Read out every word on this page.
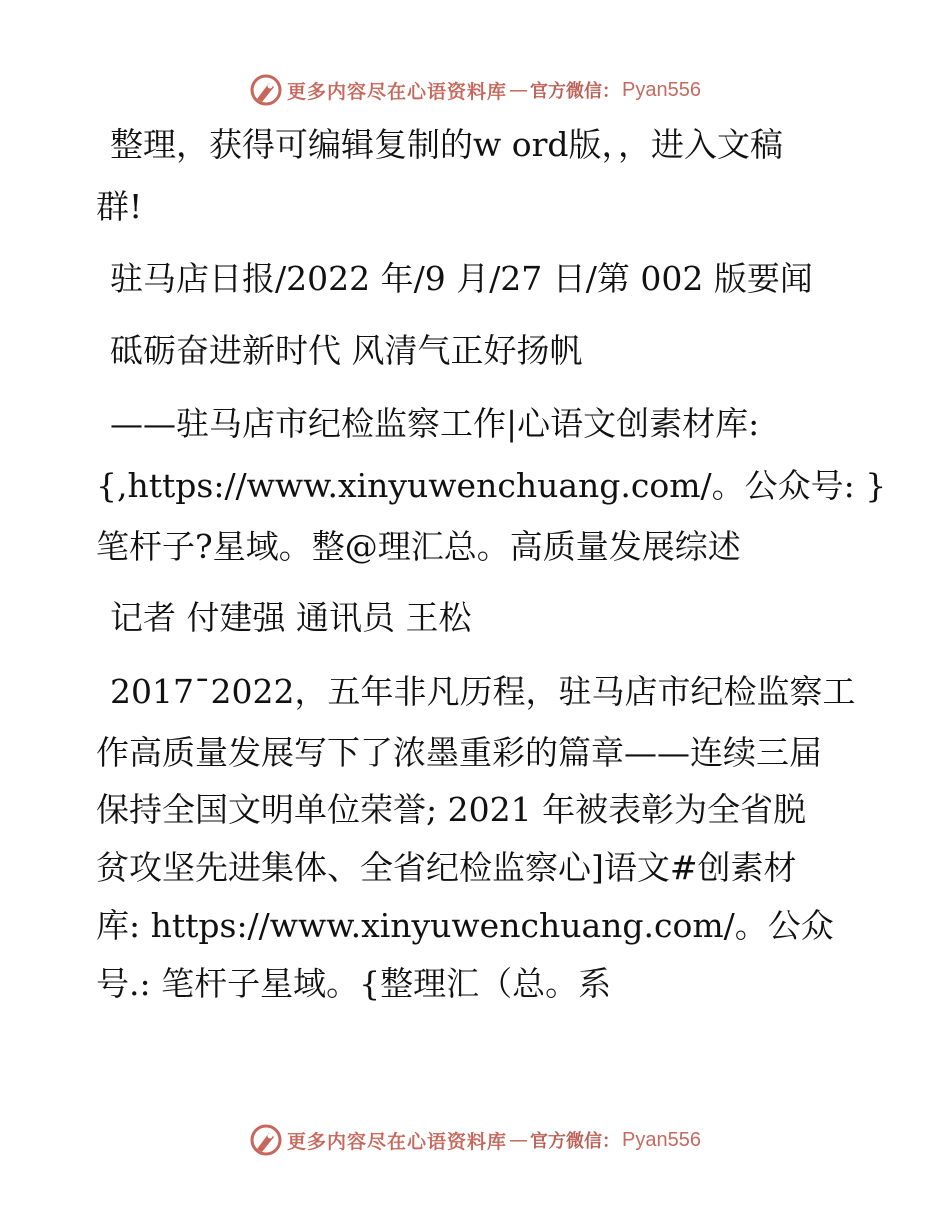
更多内容尽在心语资料库 — 官方微信： Pyan556
整理，获得可编辑复制的w ord版，，进入文稿
群!
驻马店日报/2022 年/9 月/27 日/第 002 版要闻
砥砺奋进新时代 风清气正好扬帆
——驻马店市纪检监察工作|心语文创素材库:
{,https://www.xinyuwenchuang.com/。公众号: }
笔杆子?星域。整@理汇总。高质量发展综述
记者 付建强 通讯员 王松
2017¯2022，五年非凡历程，驻马店市纪检监察工
作高质量发展写下了浓墨重彩的篇章——连续三届
保持全国文明单位荣誉; 2021 年被表彰为全省脱
贫攻坚先进集体、全省纪检监察心]语文#创素材
库: https://www.xinyuwenchuang.com/。公众
号.: 笔杆子星域。{整理汇（总。系
更多内容尽在心语资料库 — 官方微信： Pyan556
